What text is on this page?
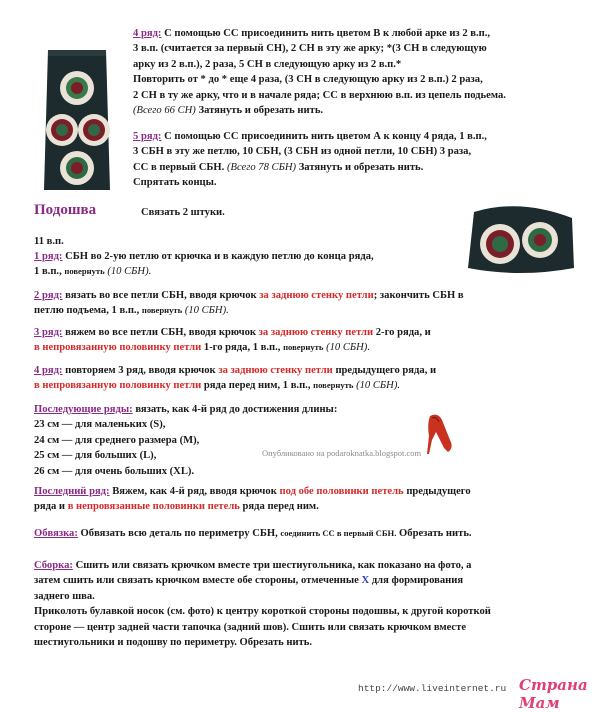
4 ряд: С помощью СС присоединить нить цветом В к любой арке из 2 в.п.,
3 в.п. (считается за первый СН), 2 СН в эту же арку; *(3 СН в следующую
арку из 2 в.п.), 2 раза, 5 СН в следующую арку из 2 в.п.*
Повторить от * до * еще 4 раза, (3 СН в следующую арку из 2 в.п.) 2 раза,
2 СН в ту же арку, что и в начале ряда; СС в верхнюю в.п. из цепель подьема.
(Всего 66 СН) Затянуть и обрезать нить.
5 ряд: С помощью СС присоединить нить цветом А к концу 4 ряда, 1 в.п.,
3 СБН в эту же петлю, 10 СБН, (3 СБН из одной петли, 10 СБН) 3 раза,
СС в первый СБН. (Всего 78 СБН) Затянуть и обрезать нить.
Спрятать концы.
Подошва	Связать 2 штуки.
11 в.п.
1 ряд: СБН во 2-ую петлю от крючка и в каждую петлю до конца ряда,
1 в.п., повернуть (10 СБН).
2 ряд: вязать во все петли СБН, вводя крючок за заднюю стенку петли; закончить СБН в
петлю подъема, 1 в.п., повернуть (10 СБН).
3 ряд: вяжем во все петли СБН, вводя крючок за заднюю стенку петли 2-го ряда, и
в непровязанную половинку петли 1-го ряда, 1 в.п., повернуть (10 СБН).
4 ряд: повторяем 3 ряд, вводя крючок за заднюю стенку петли предыдущего ряда, и
в непровязанную половинку петли ряда перед ним, 1 в.п., повернуть (10 СБН).
Последующие ряды: вязать, как 4-й ряд до достижения длины:
23 см — для маленьких (S),
24 см — для среднего размера (M),
25 см — для больших (L),
26 см — для очень больших (XL).
Опубликовано на podaroknatka.blogspot.com
Последний ряд: Вяжем, как 4-й ряд, вводя крючок под обе половинки петель предыдущего
ряда и в непровязанные половинки петель ряда перед ним.
Обвязка: Обвязать всю деталь по периметру СБН, соединить СС в первый СБН. Обрезать нить.
Сборка: Сшить или связать крючком вместе три шестиугольника, как показано на фото, а
затем сшить или связать крючком вместе обе стороны, отмеченные X для формирования
заднего шва.
Приколоть булавкой носок (см. фото) к центру короткой стороны подошвы, к другой короткой
стороне — центр задней части тапочка (задний шов). Сшить или связать крючком вместе
шестиугольники и подошву по периметру. Обрезать нить.
http://www.liveinternet.ru Страна Мам
